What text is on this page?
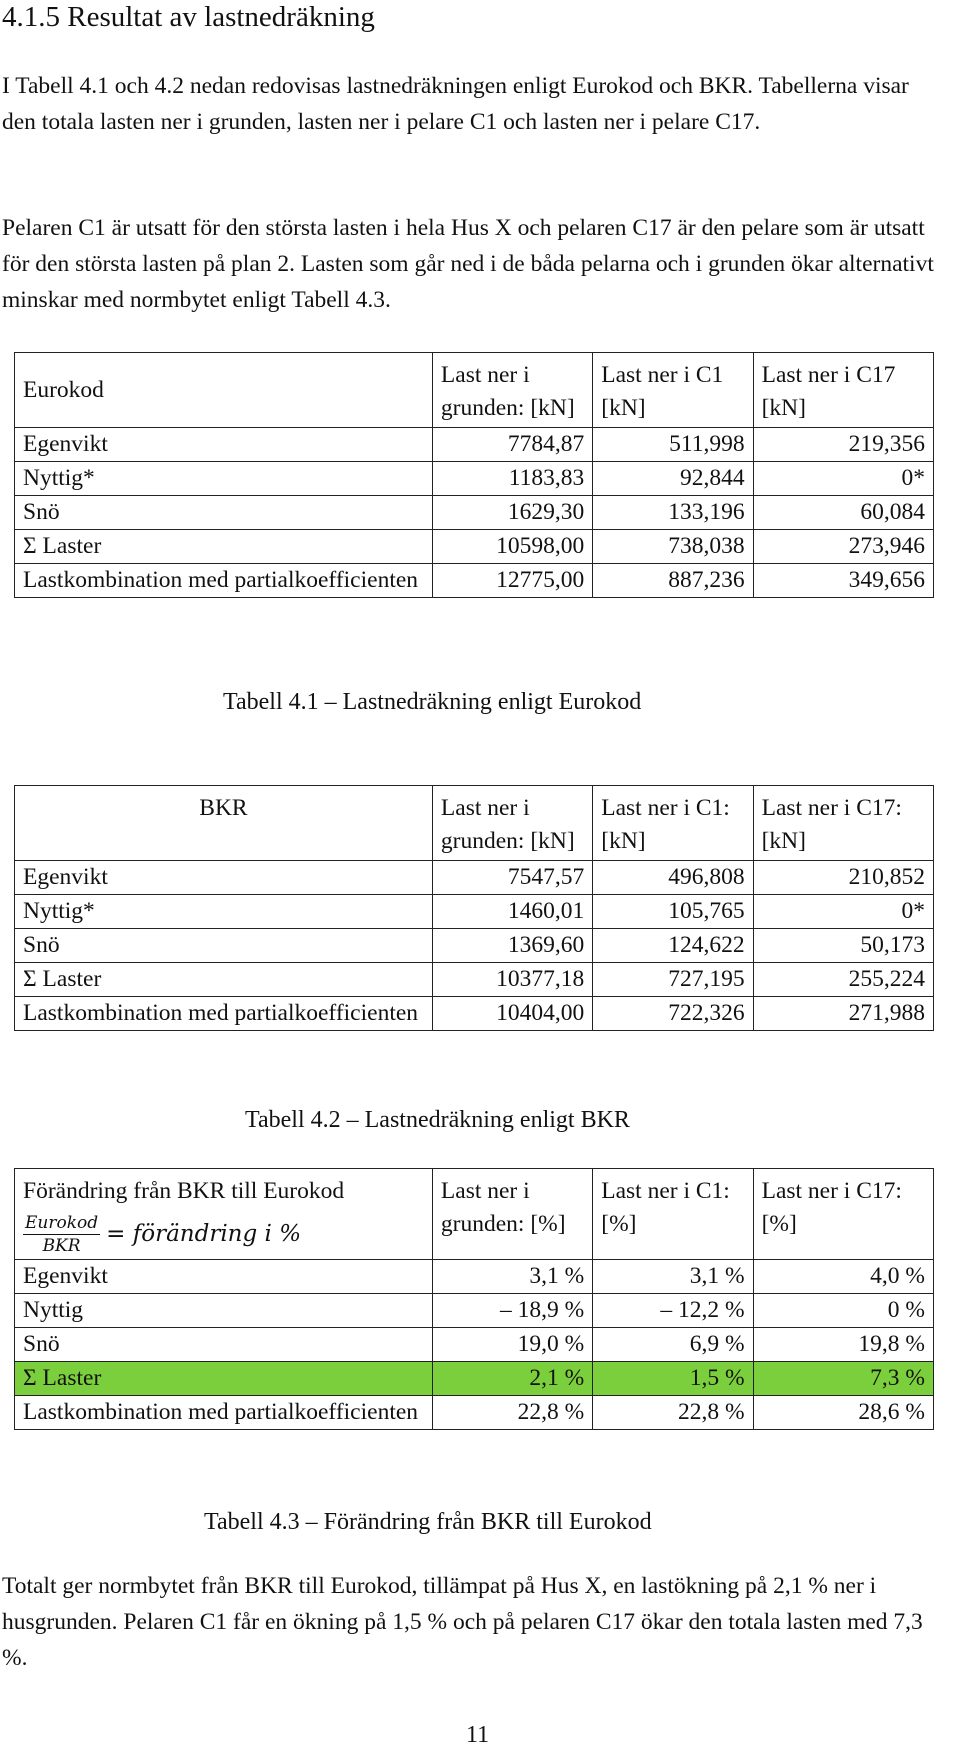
4.1.5 Resultat av lastnedräkning

I Tabell 4.1 och 4.2 nedan redovisas lastnedräkningen enligt Eurokod och BKR. Tabellerna visar den totala lasten ner i grunden, lasten ner i pelare C1 och lasten ner i pelare C17.

Pelaren C1 är utsatt för den största lasten i hela Hus X och pelaren C17 är den pelare som är utsatt för den största lasten på plan 2. Lasten som går ned i de båda pelarna och i grunden ökar alternativt minskar med normbytet enligt Tabell 4.3.

Eurokod	Last ner i grunden: [kN]	Last ner i C1 [kN]	Last ner i C17 [kN]
Egenvikt	7784,87	511,998	219,356
Nyttig*	1183,83	92,844	0*
Snö	1629,30	133,196	60,084
Σ Laster	10598,00	738,038	273,946
Lastkombination med partialkoefficienten	12775,00	887,236	349,656

Tabell 4.1 – Lastnedräkning enligt Eurokod

BKR	Last ner i grunden: [kN]	Last ner i C1: [kN]	Last ner i C17: [kN]
Egenvikt	7547,57	496,808	210,852
Nyttig*	1460,01	105,765	0*
Snö	1369,60	124,622	50,173
Σ Laster	10377,18	727,195	255,224
Lastkombination med partialkoefficienten	10404,00	722,326	271,988

Tabell 4.2 – Lastnedräkning enligt BKR

Förändring från BKR till Eurokod
$\frac{\text{Eurokod}}{\text{BKR}}$ = förändring i %	Last ner i grunden: [%]	Last ner i C1: [%]	Last ner i C17: [%]
Egenvikt	3,1 %	3,1 %	4,0 %
Nyttig	– 18,9 %	– 12,2 %	0 %
Snö	19,0 %	6,9 %	19,8 %
Σ Laster	2,1 %	1,5 %	7,3 %
Lastkombination med partialkoefficienten	22,8 %	22,8 %	28,6 %

Tabell 4.3 – Förändring från BKR till Eurokod

Totalt ger normbytet från BKR till Eurokod, tillämpat på Hus X, en lastökning på 2,1 % ner i husgrunden. Pelaren C1 får en ökning på 1,5 % och på pelaren C17 ökar den totala lasten med 7,3 %.

11
